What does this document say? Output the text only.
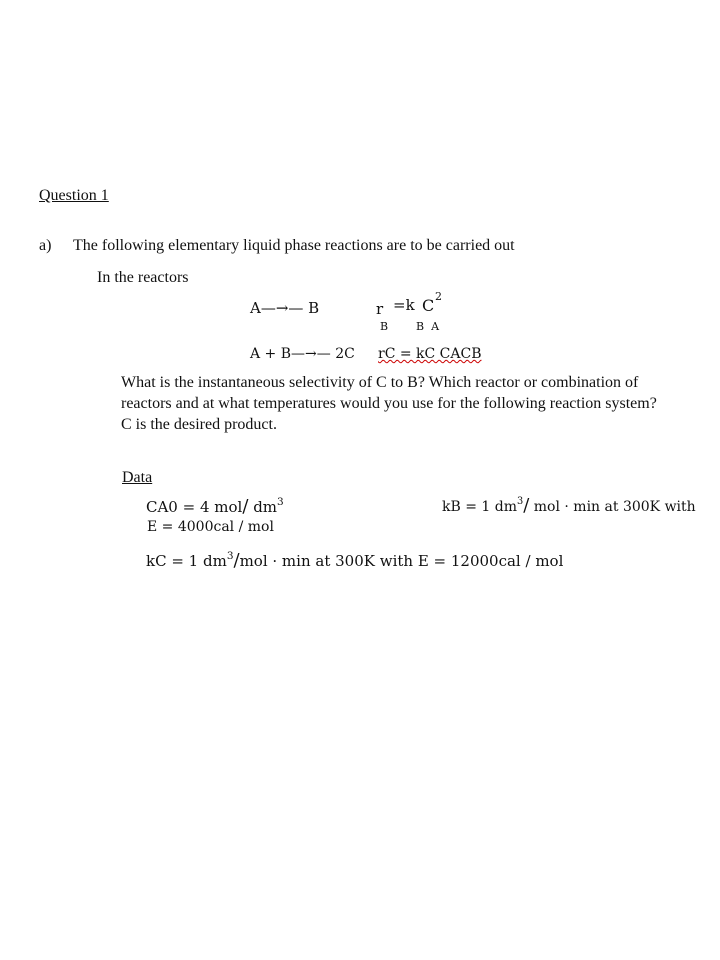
Question 1
a) The following elementary liquid phase reactions are to be carried out
In the reactors
A—→— B	r =k C 2
B	B  A
A + B—→— 2C rC = kC CACB
What is the instantaneous selectivity of C to B? Which reactor or combination of reactors and at what temperatures would you use for the following reaction system?
C is the desired product.
Data
CA0 = 4 mol/ $dm^3$	kB = 1 $dm^3/$ mol · min at 300K with
E = 4000cal / mol
kC = 1 $dm^3$/mol · min at 300K with E = 12000cal / mol
